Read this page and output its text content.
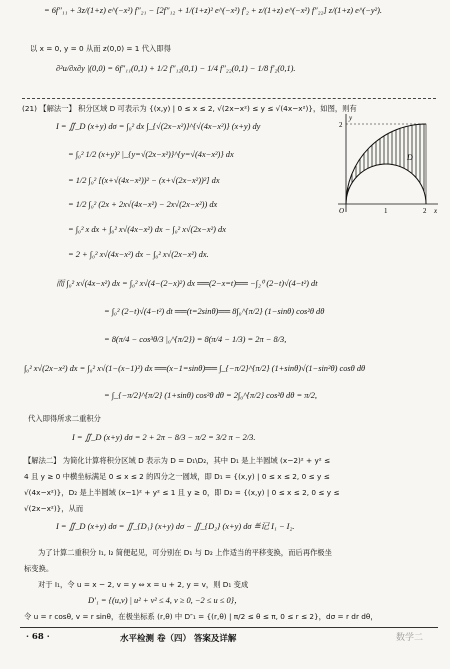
= 6f″₁₁ + 3z/(1+z) e^(−x²) f″₂₁ − [2f″₁₂ + 1/(1+z)² e^(−x²) f′₂ + z/(1+z) e^(−x²) f″₂₂] z/(1+z) e^(−y²).
以 x = 0, y = 0 从而 z(0,0) = 1 代入即得
∂²u/∂x∂y |(0,0) = 6f″₁₁(0,1) + 1/2 f″₁₂(0,1) − 1/4 f″₂₂(0,1) − 1/8 f′₂(0,1).
(21) 【解法一】 积分区域 D 可表示为 {(x,y) | 0 ≤ x ≤ 2, √(2x−x²) ≤ y ≤ √(4x−x²)}，如图，则有
I = ∬_D (x+y) dσ = ∫₀² dx ∫_{√(2x−x²)}^{√(4x−x²)} (x+y) dy
= ∫₀² 1/2 (x+y)² |_{y=√(2x−x²)}^{y=√(4x−x²)} dx
= 1/2 ∫₀² [(x+√(4x−x²))² − (x+√(2x−x²))²] dx
= 1/2 ∫₀² (2x + 2x√(4x−x²) − 2x√(2x−x²)) dx
= ∫₀² x dx + ∫₀² x√(4x−x²) dx − ∫₀² x√(2x−x²) dx
= 2 + ∫₀² x√(4x−x²) dx − ∫₀² x√(2x−x²) dx.
y
x
O
D
1	2
2
而 ∫₀² x√(4x−x²) dx = ∫₀² x√(4−(2−x)²) dx ══(2−x=t)══ −∫₂⁰ (2−t)√(4−t²) dt
= ∫₀² (2−t)√(4−t²) dt ══(t=2sinθ)══ 8∫₀^{π/2} (1−sinθ) cos²θ dθ
= 8(π/4 − cos³θ/3 |₀^{π/2}) = 8(π/4 − 1/3) = 2π − 8/3,
∫₀² x√(2x−x²) dx = ∫₀² x√(1−(x−1)²) dx ══(x−1=sinθ)══ ∫_{−π/2}^{π/2} (1+sinθ)√(1−sin²θ) cosθ dθ
= ∫_{−π/2}^{π/2} (1+sinθ) cos²θ dθ = 2∫₀^{π/2} cos²θ dθ = π/2,
代入即得所求二重积分
I = ∬_D (x+y) dσ = 2 + 2π − 8/3 − π/2 = 3/2 π − 2/3.
【解法二】 为简化计算将积分区域 D 表示为 D = D₁\D₂，其中 D₁ 是上半圆域 (x−2)² + y² ≤
4 且 y ≥ 0 中横坐标满足 0 ≤ x ≤ 2 的四分之一圆域，即 D₁ = {(x,y) | 0 ≤ x ≤ 2, 0 ≤ y ≤
√(4x−x²)}，D₂ 是上半圆域 (x−1)² + y² ≤ 1 且 y ≥ 0，即 D₂ = {(x,y) | 0 ≤ x ≤ 2, 0 ≤ y ≤
√(2x−x²)}，从而
I = ∬_D (x+y) dσ = ∬_{D₁} (x+y) dσ − ∬_{D₂} (x+y) dσ ≝记 I₁ − I₂.
为了计算二重积分 I₁, I₂ 简便起见，可分别在 D₁ 与 D₂ 上作适当的平移变换，而后再作极坐
标变换。
对于 I₁，令 u = x − 2, v = y ⇔ x = u + 2, y = v，则 D₁ 变成
D′₁ = {(u,v) | u² + v² ≤ 4, v ≥ 0, −2 ≤ u ≤ 0}，
令 u = r cosθ, v = r sinθ，在极坐标系 (r,θ) 中 D″₁ = {(r,θ) | π/2 ≤ θ ≤ π, 0 ≤ r ≤ 2}，dσ = r dr dθ，
· 68 ·	水平检测 卷（四） 答案及详解	数学二
